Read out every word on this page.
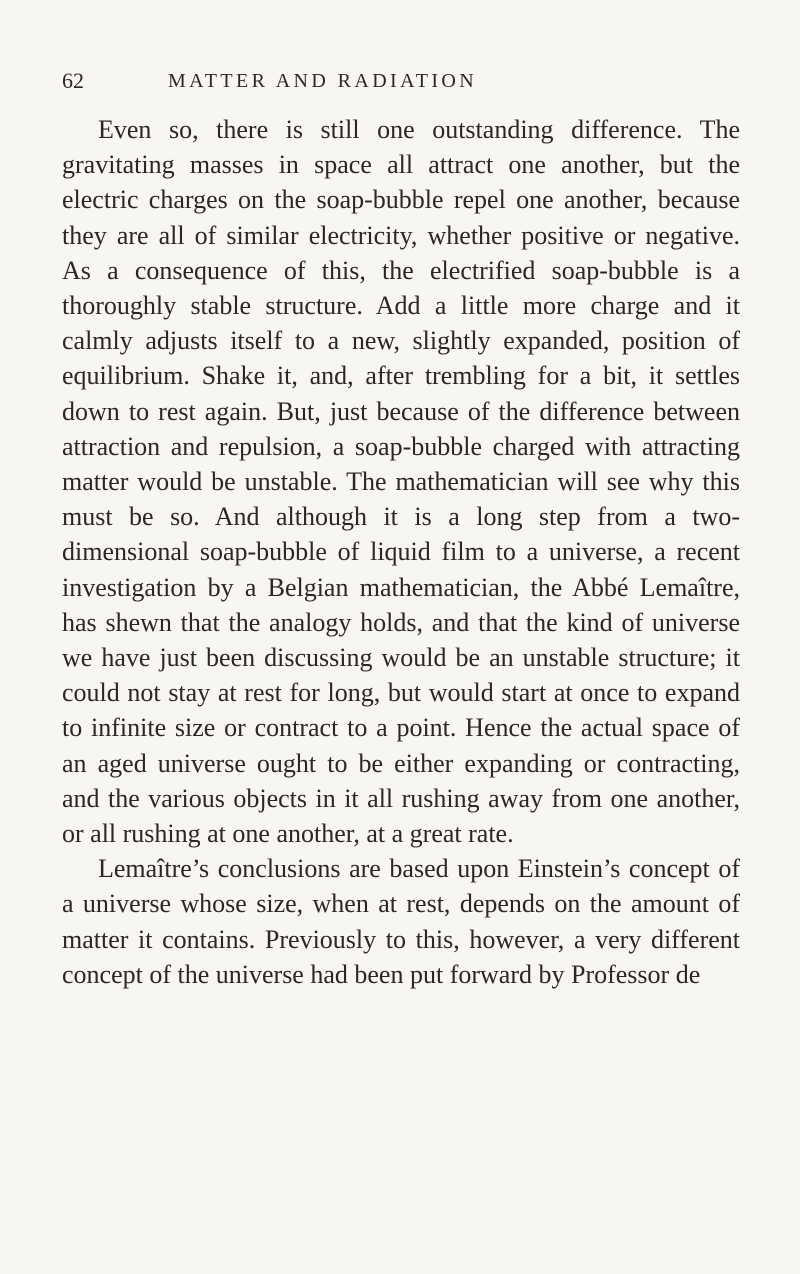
62	MATTER AND RADIATION

Even so, there is still one outstanding difference. The gravitating masses in space all attract one another, but the electric charges on the soap-bubble repel one another, because they are all of similar electricity, whether positive or negative. As a consequence of this, the electrified soap-bubble is a thoroughly stable structure. Add a little more charge and it calmly adjusts itself to a new, slightly expanded, position of equilibrium. Shake it, and, after trembling for a bit, it settles down to rest again. But, just because of the difference between attraction and repulsion, a soap-bubble charged with attracting matter would be unstable. The mathematician will see why this must be so. And although it is a long step from a two-dimensional soap-bubble of liquid film to a universe, a recent investigation by a Belgian mathematician, the Abbé Lemaître, has shewn that the analogy holds, and that the kind of universe we have just been discussing would be an unstable structure; it could not stay at rest for long, but would start at once to expand to infinite size or contract to a point. Hence the actual space of an aged universe ought to be either expanding or contracting, and the various objects in it all rushing away from one another, or all rushing at one another, at a great rate.

Lemaître’s conclusions are based upon Einstein’s concept of a universe whose size, when at rest, depends on the amount of matter it contains. Previously to this, however, a very different concept of the universe had been put forward by Professor de
